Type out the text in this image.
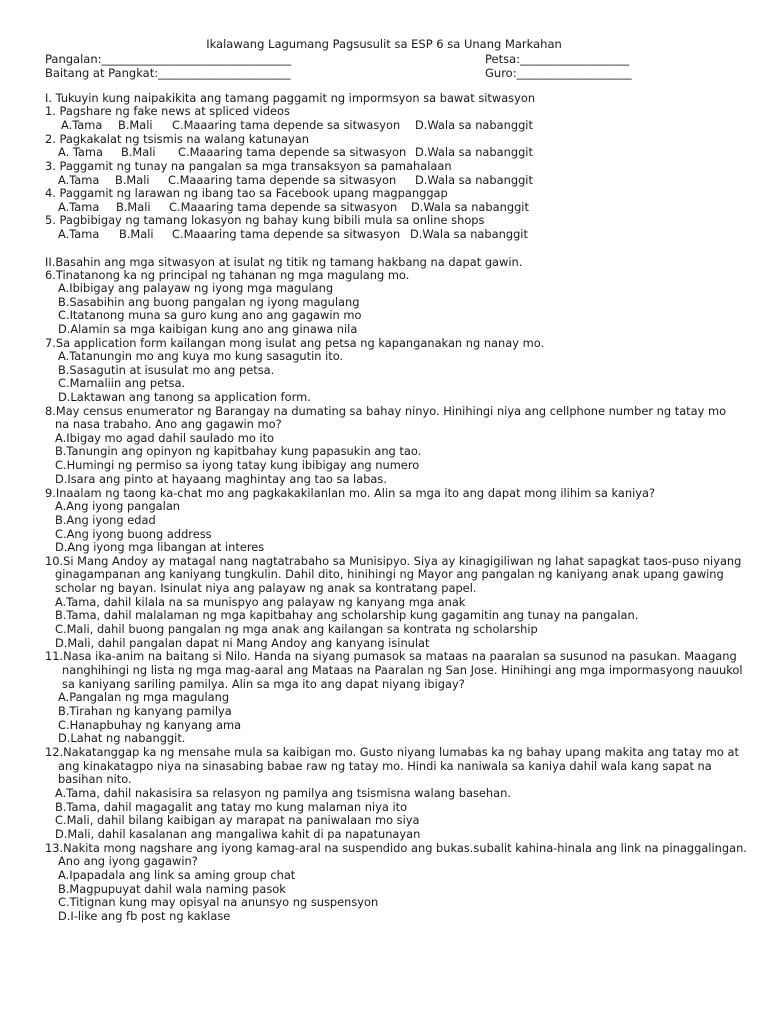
Ikalawang Lagumang Pagsusulit sa ESP 6 sa Unang Markahan
Pangalan:_________________________________	Petsa:___________________
Baitang at Pangkat:_______________________	Guro:____________________
I. Tukuyin kung naipakikita ang tamang paggamit ng impormsyon sa bawat sitwasyon
1. Pagshare ng fake news at spliced videos
A.Tama B.Mali C.Maaaring tama depende sa sitwasyon D.Wala sa nabanggit
2. Pagkakalat ng tsismis na walang katunayan
A. Tama B.Mali C.Maaaring tama depende sa sitwasyon D.Wala sa nabanggit
3. Paggamit ng tunay na pangalan sa mga transaksyon sa pamahalaan
A.Tama B.Mali C.Maaaring tama depende sa sitwasyon D.Wala sa nabanggit
4. Paggamit ng larawan ng ibang tao sa Facebook upang magpanggap
A.Tama B.Mali C.Maaaring tama depende sa sitwasyon D.Wala sa nabanggit
5. Pagbibigay ng tamang lokasyon ng bahay kung bibili mula sa online shops
A.Tama B.Mali C.Maaaring tama depende sa sitwasyon D.Wala sa nabanggit
II.Basahin ang mga sitwasyon at isulat ng titik ng tamang hakbang na dapat gawin.
6.Tinatanong ka ng principal ng tahanan ng mga magulang mo.
A.Ibibigay ang palayaw ng iyong mga magulang
B.Sasabihin ang buong pangalan ng iyong magulang
C.Itatanong muna sa guro kung ano ang gagawin mo
D.Alamin sa mga kaibigan kung ano ang ginawa nila
7.Sa application form kailangan mong isulat ang petsa ng kapanganakan ng nanay mo.
A.Tatanungin mo ang kuya mo kung sasagutin ito.
B.Sasagutin at isusulat mo ang petsa.
C.Mamaliin ang petsa.
D.Laktawan ang tanong sa application form.
8.May census enumerator ng Barangay na dumating sa bahay ninyo. Hinihingi niya ang cellphone number ng tatay mo
na nasa trabaho. Ano ang gagawin mo?
A.Ibigay mo agad dahil saulado mo ito
B.Tanungin ang opinyon ng kapitbahay kung papasukin ang tao.
C.Humingi ng permiso sa iyong tatay kung ibibigay ang numero
D.Isara ang pinto at hayaang maghintay ang tao sa labas.
9.Inaalam ng taong ka-chat mo ang pagkakakilanlan mo. Alin sa mga ito ang dapat mong ilihim sa kaniya?
A.Ang iyong pangalan
B.Ang iyong edad
C.Ang iyong buong address
D.Ang iyong mga libangan at interes
10.Si Mang Andoy ay matagal nang nagtatrabaho sa Munisipyo. Siya ay kinagigiliwan ng lahat sapagkat taos-puso niyang
ginagampanan ang kaniyang tungkulin. Dahil dito, hinihingi ng Mayor ang pangalan ng kaniyang anak upang gawing
scholar ng bayan. Isinulat niya ang palayaw ng anak sa kontratang papel.
A.Tama, dahil kilala na sa munispyo ang palayaw ng kanyang mga anak
B.Tama, dahil malalaman ng mga kapitbahay ang scholarship kung gagamitin ang tunay na pangalan.
C.Mali, dahil buong pangalan ng mga anak ang kailangan sa kontrata ng scholarship
D.Mali, dahil pangalan dapat ni Mang Andoy ang kanyang isinulat
11.Nasa ika-anim na baitang si Nilo. Handa na siyang pumasok sa mataas na paaralan sa susunod na pasukan. Maagang
nanghihingi ng lista ng mga mag-aaral ang Mataas na Paaralan ng San Jose. Hinihingi ang mga impormasyong nauukol
sa kaniyang sariling pamilya. Alin sa mga ito ang dapat niyang ibigay?
A.Pangalan ng mga magulang
B.Tirahan ng kanyang pamilya
C.Hanapbuhay ng kanyang ama
D.Lahat ng nabanggit.
12.Nakatanggap ka ng mensahe mula sa kaibigan mo. Gusto niyang lumabas ka ng bahay upang makita ang tatay mo at
ang kinakatagpo niya na sinasabing babae raw ng tatay mo. Hindi ka naniwala sa kaniya dahil wala kang sapat na
basihan nito.
A.Tama, dahil nakasisira sa relasyon ng pamilya ang tsismisna walang basehan.
B.Tama, dahil magagalit ang tatay mo kung malaman niya ito
C.Mali, dahil bilang kaibigan ay marapat na paniwalaan mo siya
D.Mali, dahil kasalanan ang mangaliwa kahit di pa napatunayan
13.Nakita mong nagshare ang iyong kamag-aral na suspendido ang bukas.subalit kahina-hinala ang link na pinaggalingan.
Ano ang iyong gagawin?
A.Ipapadala ang link sa aming group chat
B.Magpupuyat dahil wala naming pasok
C.Titignan kung may opisyal na anunsyo ng suspensyon
D.I-like ang fb post ng kaklase
